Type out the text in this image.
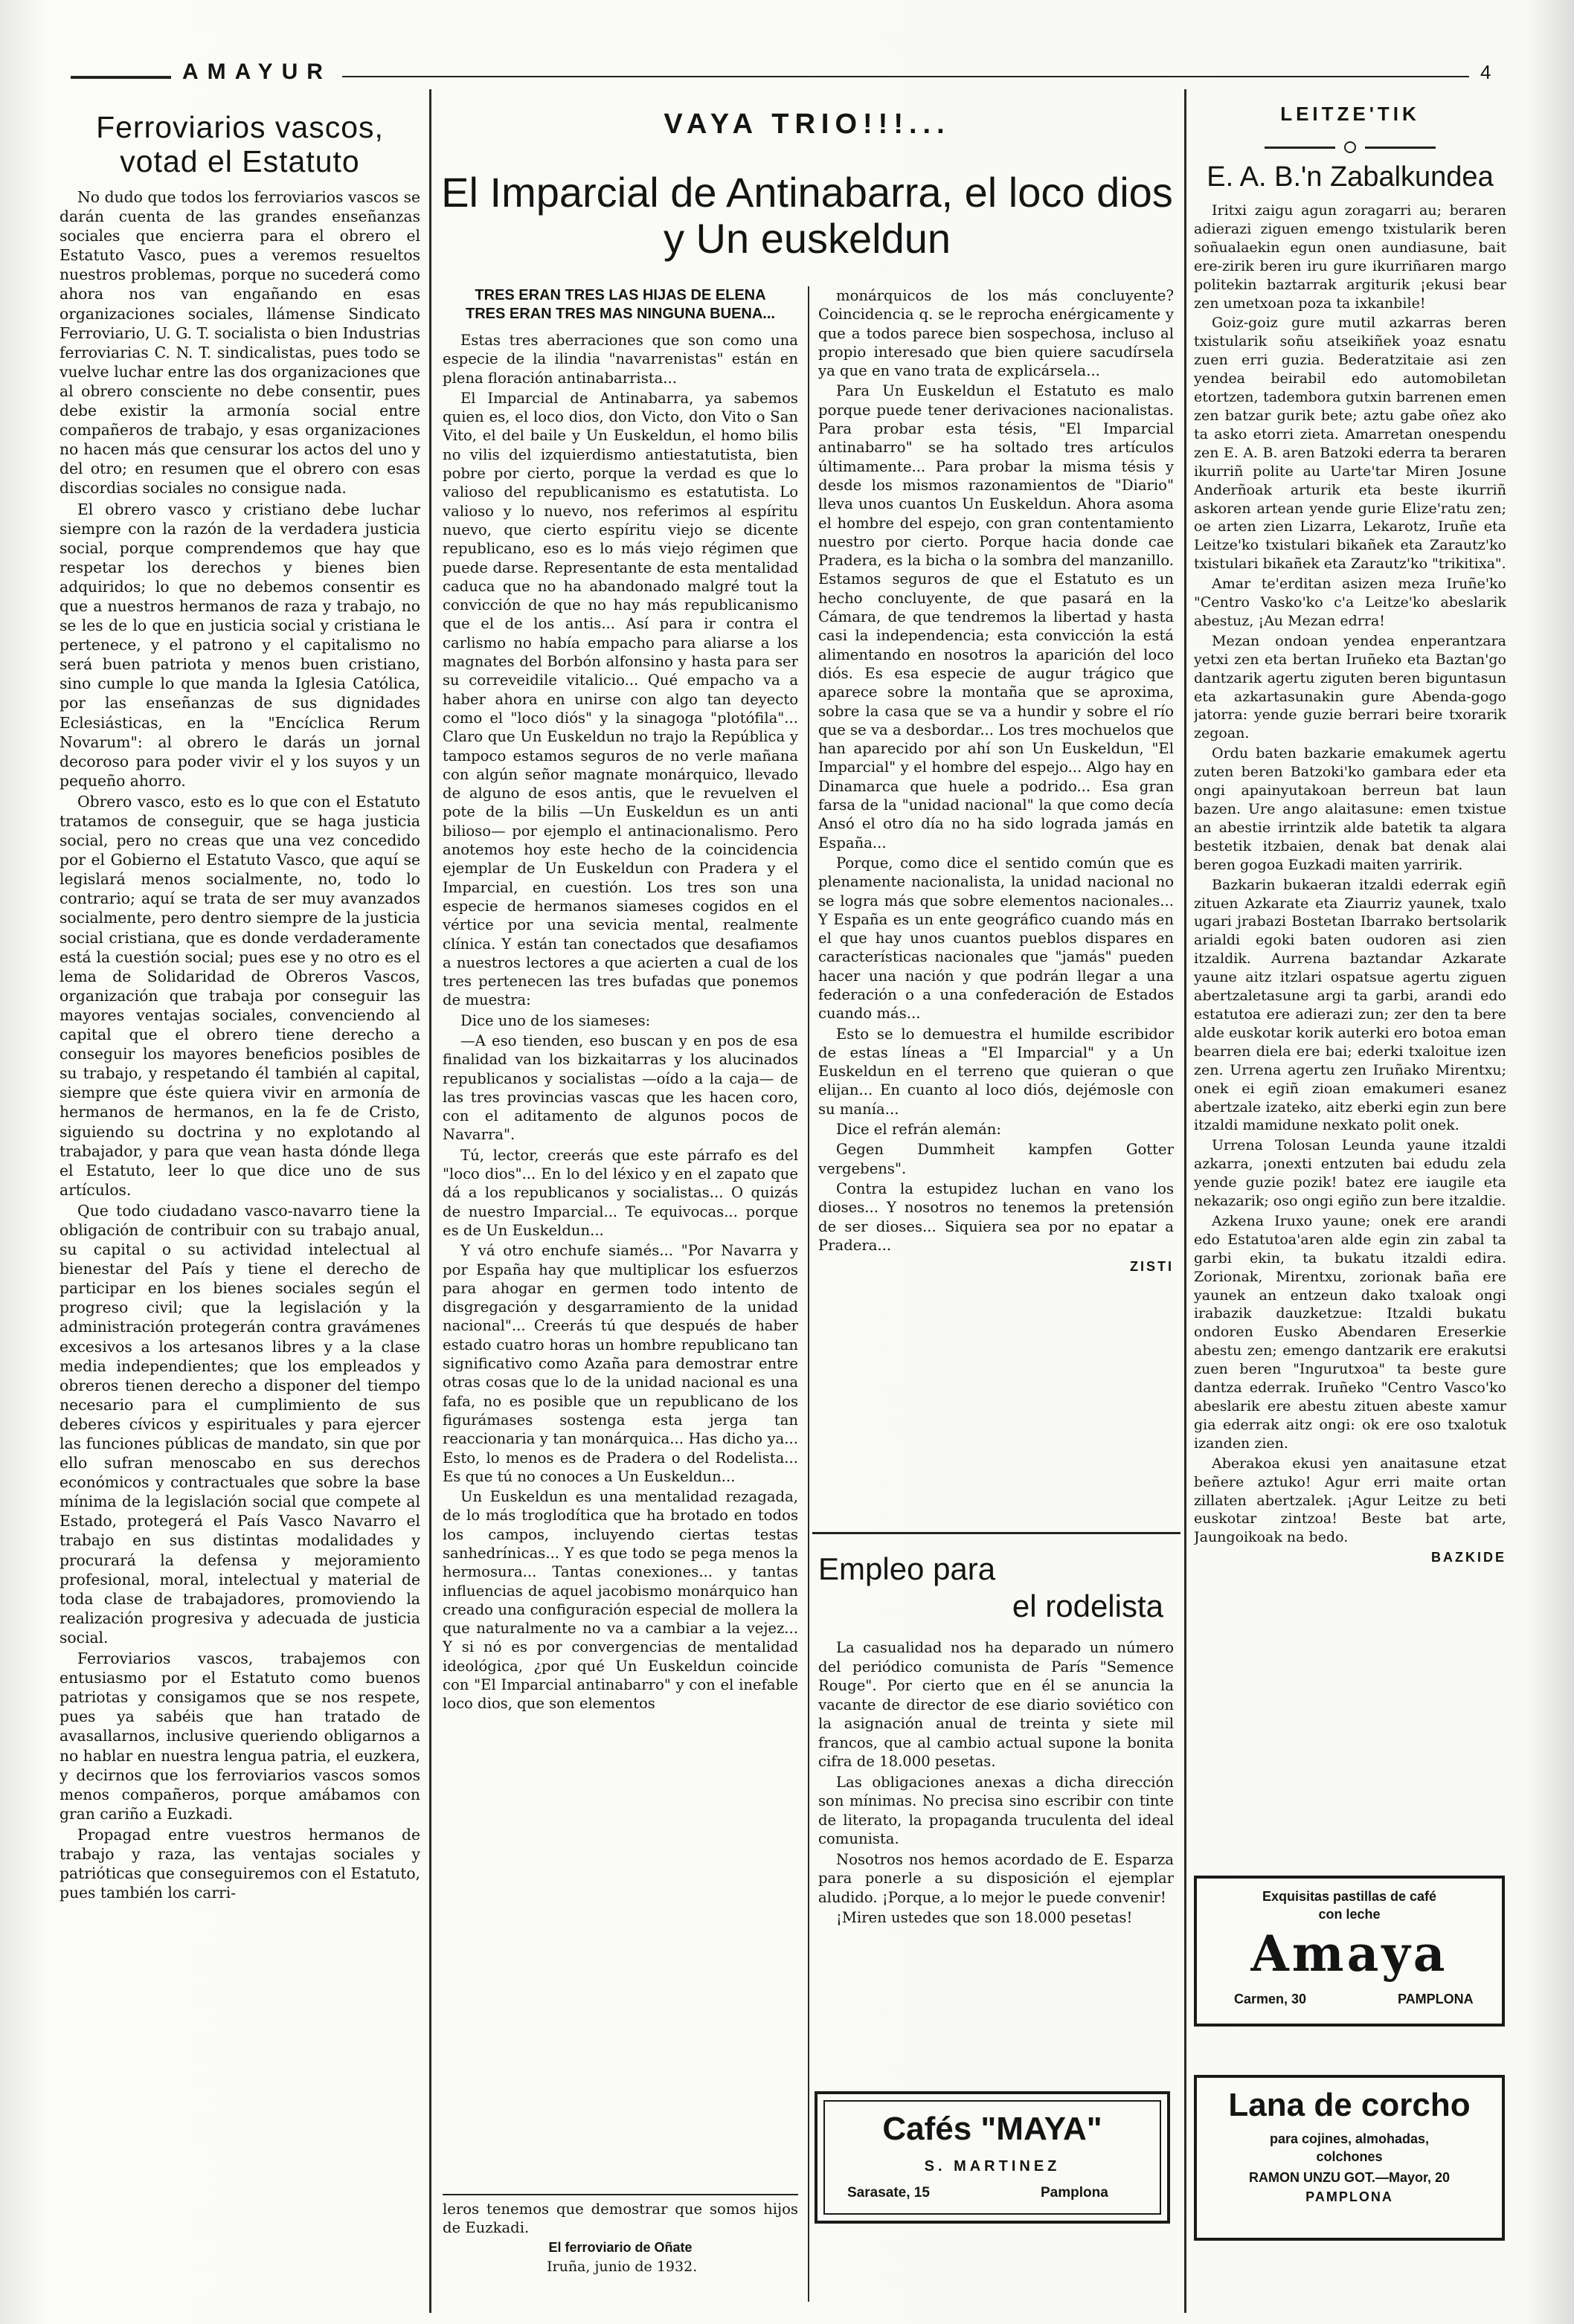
AMAYUR	4
Ferroviarios vascos,
votad el Estatuto

No dudo que todos los ferroviarios vascos se darán cuenta de las grandes enseñanzas sociales que encierra para el obrero el Estatuto Vasco, pues a veremos resueltos nuestros problemas, porque no sucederá como ahora nos van engañando en esas organizaciones sociales, llámense Sindicato Ferroviario, U. G. T. socialista o bien Industrias ferroviarias C. N. T. sindicalistas, pues todo se vuelve luchar entre las dos organizaciones que al obrero consciente no debe consentir, pues debe existir la armonía social entre compañeros de trabajo, y esas organizaciones no hacen más que censurar los actos del uno y del otro; en resumen que el obrero con esas discordias sociales no consigue nada.

El obrero vasco y cristiano debe luchar siempre con la razón de la verdadera justicia social, porque comprendemos que hay que respetar los derechos y bienes bien adquiridos; lo que no debemos consentir es que a nuestros hermanos de raza y trabajo, no se les de lo que en justicia social y cristiana le pertenece, y el patrono y el capitalismo no será buen patriota y menos buen cristiano, sino cumple lo que manda la Iglesia Católica, por las enseñanzas de sus dignidades Eclesiásticas, en la "Encíclica Rerum Novarum": al obrero le darás un jornal decoroso para poder vivir el y los suyos y un pequeño ahorro.

Obrero vasco, esto es lo que con el Estatuto tratamos de conseguir, que se haga justicia social, pero no creas que una vez concedido por el Gobierno el Estatuto Vasco, que aquí se legislará menos socialmente, no, todo lo contrario; aquí se trata de ser muy avanzados socialmente, pero dentro siempre de la justicia social cristiana, que es donde verdaderamente está la cuestión social; pues ese y no otro es el lema de Solidaridad de Obreros Vascos, organización que trabaja por conseguir las mayores ventajas sociales, convenciendo al capital que el obrero tiene derecho a conseguir los mayores beneficios posibles de su trabajo, y respetando él también al capital, siempre que éste quiera vivir en armonía de hermanos de hermanos, en la fe de Cristo, siguiendo su doctrina y no explotando al trabajador, y para que vean hasta dónde llega el Estatuto, leer lo que dice uno de sus artículos.

Que todo ciudadano vasco-navarro tiene la obligación de contribuir con su trabajo anual, su capital o su actividad intelectual al bienestar del País y tiene el derecho de participar en los bienes sociales según el progreso civil; que la legislación y la administración protegerán contra gravámenes excesivos a los artesanos libres y a la clase media independientes; que los empleados y obreros tienen derecho a disponer del tiempo necesario para el cumplimiento de sus deberes cívicos y espirituales y para ejercer las funciones públicas de mandato, sin que por ello sufran menoscabo en sus derechos económicos y contractuales que sobre la base mínima de la legislación social que compete al Estado, protegerá el País Vasco Navarro el trabajo en sus distintas modalidades y procurará la defensa y mejoramiento profesional, moral, intelectual y material de toda clase de trabajadores, promoviendo la realización progresiva y adecuada de justicia social.

Ferroviarios vascos, trabajemos con entusiasmo por el Estatuto como buenos patriotas y consigamos que se nos respete, pues ya sabéis que han tratado de avasallarnos, inclusive queriendo obligarnos a no hablar en nuestra lengua patria, el euzkera, y decirnos que los ferroviarios vascos somos menos compañeros, porque amábamos con gran cariño a Euzkadi.

Propagad entre vuestros hermanos de trabajo y raza, las ventajas sociales y patrióticas que conseguiremos con el Estatuto, pues también los carri-

VAYA TRIO!!!...
El Imparcial de Antinabarra, el loco dios y Un euskeldun
TRES ERAN TRES LAS HIJAS DE ELENA
TRES ERAN TRES MAS NINGUNA BUENA...

Estas tres aberraciones que son como una especie de la ilindia "navarrenistas" están en plena floración antinabarrista...

El Imparcial de Antinabarra, ya sabemos quien es, el loco dios, don Victo, don Vito o San Vito, el del baile y Un Euskeldun, el homo bilis no vilis del izquierdismo antiestatutista, bien pobre por cierto, porque la verdad es que lo valioso del republicanismo es estatutista. Lo valioso y lo nuevo, nos referimos al espíritu nuevo, que cierto espíritu viejo se dicente republicano, eso es lo más viejo régimen que puede darse. Representante de esta mentalidad caduca que no ha abandonado malgré tout la convicción de que no hay más republicanismo que el de los antis... Así para ir contra el carlismo no había empacho para aliarse a los magnates del Borbón alfonsino y hasta para ser su correveidile vitalicio... Qué empacho va a haber ahora en unirse con algo tan deyecto como el "loco diós" y la sinagoga "plotófila"... Claro que Un Euskeldun no trajo la República y tampoco estamos seguros de no verle mañana con algún señor magnate monárquico, llevado de alguno de esos antis, que le revuelven el pote de la bilis —Un Euskeldun es un anti bilioso— por ejemplo el antinacionalismo. Pero anotemos hoy este hecho de la coincidencia ejemplar de Un Euskeldun con Pradera y el Imparcial, en cuestión. Los tres son una especie de hermanos siameses cogidos en el vértice por una sevicia mental, realmente clínica. Y están tan conectados que desafiamos a nuestros lectores a que acierten a cual de los tres pertenecen las tres bufadas que ponemos de muestra:

Dice uno de los siameses:

—A eso tienden, eso buscan y en pos de esa finalidad van los bizkaitarras y los alucinados republicanos y socialistas —oído a la caja— de las tres provincias vascas que les hacen coro, con el aditamento de algunos pocos de Navarra".

Tú, lector, creerás que este párrafo es del "loco dios"... En lo del léxico y en el zapato que dá a los republicanos y socialistas... O quizás de nuestro Imparcial... Te equivocas... porque es de Un Euskeldun...

Y vá otro enchufe siamés... "Por Navarra y por España hay que multiplicar los esfuerzos para ahogar en germen todo intento de disgregación y desgarramiento de la unidad nacional"... Creerás tú que después de haber estado cuatro horas un hombre republicano tan significativo como Azaña para demostrar entre otras cosas que lo de la unidad nacional es una fafa, no es posible que un republicano de los figurámases sostenga esta jerga tan reaccionaria y tan monárquica... Has dicho ya... Esto, lo menos es de Pradera o del Rodelista... Es que tú no conoces a Un Euskeldun...

Un Euskeldun es una mentalidad rezagada, de lo más troglodítica que ha brotado en todos los campos, incluyendo ciertas testas sanhedrínicas... Y es que todo se pega menos la hermosura... Tantas conexiones... y tantas influencias de aquel jacobismo monárquico han creado una configuración especial de mollera la que naturalmente no va a cambiar a la vejez... Y si nó es por convergencias de mentalidad ideológica, ¿por qué Un Euskeldun coincide con "El Imparcial antinabarro" y con el inefable loco dios, que son elementos

leros tenemos que demostrar que somos hijos de Euzkadi.
El ferroviario de Oñate
Iruña, junio de 1932.

monárquicos de los más concluyente? Coincidencia q. se le reprocha enérgicamente y que a todos parece bien sospechosa, incluso al propio interesado que bien quiere sacudírsela ya que en vano trata de explicársela...

Para Un Euskeldun el Estatuto es malo porque puede tener derivaciones nacionalistas. Para probar esta tésis, "El Imparcial antinabarro" se ha soltado tres artículos últimamente... Para probar la misma tésis y desde los mismos razonamientos de "Diario" lleva unos cuantos Un Euskeldun. Ahora asoma el hombre del espejo, con gran contentamiento nuestro por cierto. Porque hacia donde cae Pradera, es la bicha o la sombra del manzanillo. Estamos seguros de que el Estatuto es un hecho concluyente, de que pasará en la Cámara, de que tendremos la libertad y hasta casi la independencia; esta convicción la está alimentando en nosotros la aparición del loco diós. Es esa especie de augur trágico que aparece sobre la montaña que se aproxima, sobre la casa que se va a hundir y sobre el río que se va a desbordar... Los tres mochuelos que han aparecido por ahí son Un Euskeldun, "El Imparcial" y el hombre del espejo... Algo hay en Dinamarca que huele a podrido... Esa gran farsa de la "unidad nacional" la que como decía Ansó el otro día no ha sido lograda jamás en España...

Porque, como dice el sentido común que es plenamente nacionalista, la unidad nacional no se logra más que sobre elementos nacionales... Y España es un ente geográfico cuando más en el que hay unos cuantos pueblos dispares en características nacionales que "jamás" pueden hacer una nación y que podrán llegar a una federación o a una confederación de Estados cuando más...

Esto se lo demuestra el humilde escribidor de estas líneas a "El Imparcial" y a Un Euskeldun en el terreno que quieran o que elijan... En cuanto al loco diós, dejémosle con su manía...

Dice el refrán alemán:

Gegen Dummheit kampfen Gotter vergebens".

Contra la estupidez luchan en vano los dioses... Y nosotros no tenemos la pretensión de ser dioses... Siquiera sea por no epatar a Pradera...

ZISTI
Empleo para
el rodelista

La casualidad nos ha deparado un número del periódico comunista de París "Semence Rouge". Por cierto que en él se anuncia la vacante de director de ese diario soviético con la asignación anual de treinta y siete mil francos, que al cambio actual supone la bonita cifra de 18.000 pesetas.

Las obligaciones anexas a dicha dirección son mínimas. No precisa sino escribir con tinte de literato, la propaganda truculenta del ideal comunista.

Nosotros nos hemos acordado de E. Esparza para ponerle a su disposición el ejemplar aludido. ¡Porque, a lo mejor le puede convenir!

¡Miren ustedes que son 18.000 pesetas!

Cafés "MAYA"
S. MARTINEZ
Sarasate, 15	Pamplona
LEITZE'TIK
E. A. B.'n Zabalkundea

Iritxi zaigu agun zoragarri au; beraren adierazi ziguen emengo txistularik beren soñualaekin egun onen aundiasune, bait ere-zirik beren iru gure ikurriñaren margo politekin baztarrak argiturik ¡ekusi bear zen umetxoan poza ta ixkanbile!

Goiz-goiz gure mutil azkarras beren txistularik soñu atseikiñek yoaz esnatu zuen erri guzia. Bederatzitaie asi zen yendea beirabil edo automobiletan etortzen, tadembora gutxin barrenen emen zen batzar gurik bete; aztu gabe oñez ako ta asko etorri zieta. Amarretan onespendu zen E. A. B. aren Batzoki ederra ta beraren ikurriñ polite au Uarte'tar Miren Josune Anderñoak arturik eta beste ikurriñ askoren artean yende gurie Elize'ratu zen; oe arten zien Lizarra, Lekarotz, Iruñe eta Leitze'ko txistulari bikañek eta Zarautz'ko txistulari bikañek eta Zarautz'ko "trikitixa".

Amar te'erditan asizen meza Iruñe'ko "Centro Vasko'ko c'a Leitze'ko abeslarik abestuz, ¡Au Mezan edrra!

Mezan ondoan yendea enperantzara yetxi zen eta bertan Iruñeko eta Baztan'go dantzarik agertu ziguten beren biguntasun eta azkartasunakin gure Abenda-gogo jatorra: yende guzie berrari beire txorarik zegoan.

Ordu baten bazkarie emakumek agertu zuten beren Batzoki'ko gambara eder eta ongi apainyutakoan berreun bat laun bazen. Ure ango alaitasune: emen txistue an abestie irrintzik alde batetik ta algara bestetik itzbaien, denak bat denak alai beren gogoa Euzkadi maiten yarririk.

Bazkarin bukaeran itzaldi ederrak egiñ zituen Azkarate eta Ziaurriz yaunek, txalo ugari jrabazi Bostetan Ibarrako bertsolarik arialdi egoki baten oudoren asi zien itzaldik. Aurrena baztandar Azkarate yaune aitz itzlari ospatsue agertu ziguen abertzaletasune argi ta garbi, arandi edo estatutoa ere adierazi zun; zer den ta bere alde euskotar korik auterki ero botoa eman bearren diela ere bai; ederki txaloitue izen zen. Urrena agertu zen Iruñako Mirentxu; onek ei egiñ zioan emakumeri esanez abertzale izateko, aitz eberki egin zun bere itzaldi mamidune nexkato polit onek.

Urrena Tolosan Leunda yaune itzaldi azkarra, ¡onexti entzuten bai edudu zela yende guzie pozik! batez ere iaugile eta nekazarik; oso ongi egiño zun bere itzaldie.

Azkena Iruxo yaune; onek ere arandi edo Estatutoa'aren alde egin zin zabal ta garbi ekin, ta bukatu itzaldi edira. Zorionak, Mirentxu, zorionak baña ere yaunek an entzeun dako txaloak ongi irabazik dauzketzue: Itzaldi bukatu ondoren Eusko Abendaren Ereserkie abestu zen; emengo dantzarik ere erakutsi zuen beren "Ingurutxoa" ta beste gure dantza ederrak. Iruñeko "Centro Vasco'ko abeslarik ere abestu zituen abeste xamur gia ederrak aitz ongi: ok ere oso txalotuk izanden zien.

Aberakoa ekusi yen anaitasune etzat beñere aztuko! Agur erri maite ortan zillaten abertzalek. ¡Agur Leitze zu beti euskotar zintzoa! Beste bat arte, Jaungoikoak na bedo.

BAZKIDE
Exquisitas pastillas de café
con leche
Amaya
Carmen, 30	PAMPLONA
Lana de corcho
para cojines, almohadas,
colchones
RAMON UNZU GOT.—Mayor, 20
PAMPLONA
